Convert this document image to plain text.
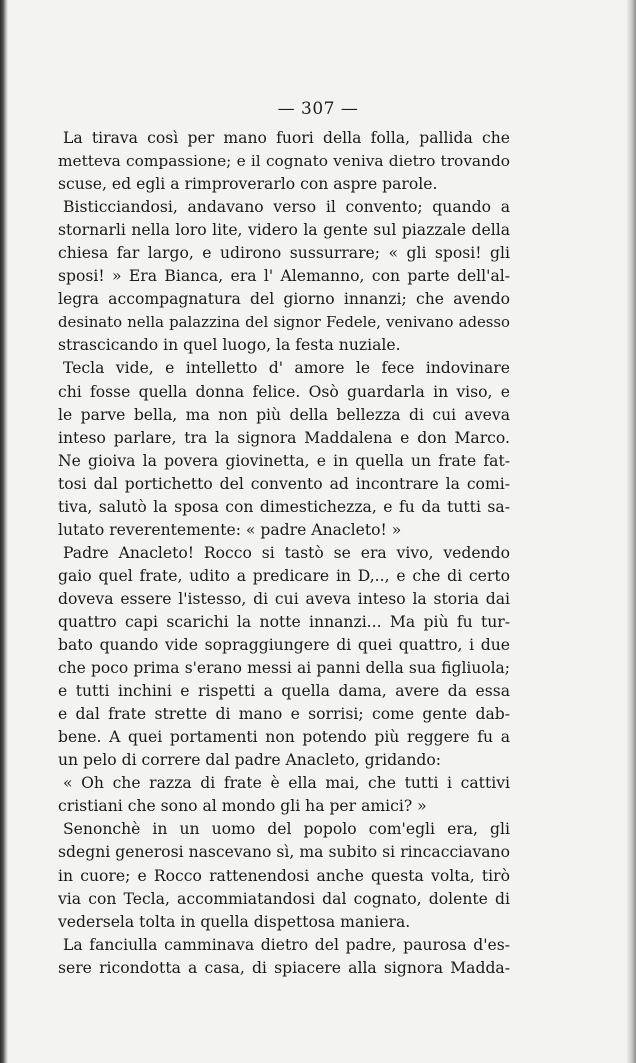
— 307 —
La tirava così per mano fuori della folla, pallida che
metteva compassione; e il cognato veniva dietro trovando
scuse, ed egli a rimproverarlo con aspre parole.
Bisticciandosi, andavano verso il convento; quando a
stornarli nella loro lite, videro la gente sul piazzale della
chiesa far largo, e udirono sussurrare; « gli sposi! gli
sposi! » Era Bianca, era l' Alemanno, con parte dell'al-
legra accompagnatura del giorno innanzi; che avendo
desinato nella palazzina del signor Fedele, venivano adesso
strascicando in quel luogo, la festa nuziale.
Tecla vide, e intelletto d' amore le fece indovinare
chi fosse quella donna felice. Osò guardarla in viso, e
le parve bella, ma non più della bellezza di cui aveva
inteso parlare, tra la signora Maddalena e don Marco.
Ne gioiva la povera giovinetta, e in quella un frate fat-
tosi dal portichetto del convento ad incontrare la comi-
tiva, salutò la sposa con dimestichezza, e fu da tutti sa-
lutato reverentemente: « padre Anacleto! »
Padre Anacleto! Rocco si tastò se era vivo, vedendo
gaio quel frate, udito a predicare in D,.., e che di certo
doveva essere l'istesso, di cui aveva inteso la storia dai
quattro capi scarichi la notte innanzi... Ma più fu tur-
bato quando vide sopraggiungere di quei quattro, i due
che poco prima s'erano messi ai panni della sua figliuola;
e tutti inchini e rispetti a quella dama, avere da essa
e dal frate strette di mano e sorrisi; come gente dab-
bene. A quei portamenti non potendo più reggere fu a
un pelo di correre dal padre Anacleto, gridando:
« Oh che razza di frate è ella mai, che tutti i cattivi
cristiani che sono al mondo gli ha per amici? »
Senonchè in un uomo del popolo com'egli era, gli
sdegni generosi nascevano sì, ma subito si rincacciavano
in cuore; e Rocco rattenendosi anche questa volta, tirò
via con Tecla, accommiatandosi dal cognato, dolente di
vedersela tolta in quella dispettosa maniera.
La fanciulla camminava dietro del padre, paurosa d'es-
sere ricondotta a casa, di spiacere alla signora Madda-
